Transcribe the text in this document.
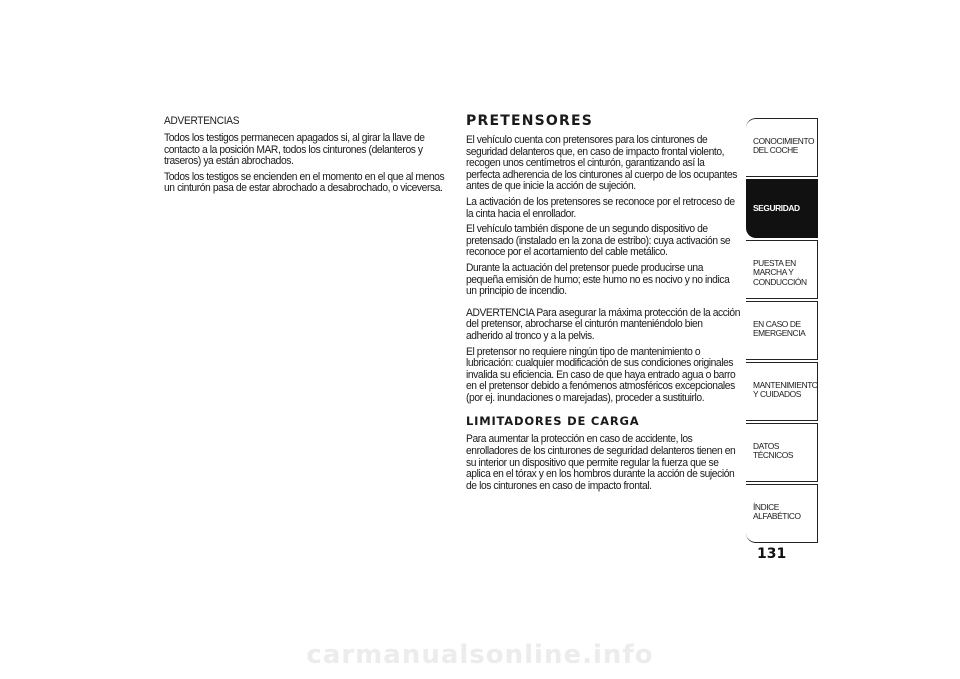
ADVERTENCIAS

Todos los testigos permanecen apagados si, al girar la llave de contacto a la posición MAR, todos los cinturones (delanteros y traseros) ya están abrochados.

Todos los testigos se encienden en el momento en el que al menos un cinturón pasa de estar abrochado a desabrochado, o viceversa.

PRETENSORES

El vehículo cuenta con pretensores para los cinturones de seguridad delanteros que, en caso de impacto frontal violento, recogen unos centímetros el cinturón, garantizando así la perfecta adherencia de los cinturones al cuerpo de los ocupantes antes de que inicie la acción de sujeción.

La activación de los pretensores se reconoce por el retroceso de la cinta hacia el enrollador.

El vehículo también dispone de un segundo dispositivo de pretensado (instalado en la zona de estribo): cuya activación se reconoce por el acortamiento del cable metálico.

Durante la actuación del pretensor puede producirse una pequeña emisión de humo; este humo no es nocivo y no indica un principio de incendio.

ADVERTENCIA Para asegurar la máxima protección de la acción del pretensor, abrocharse el cinturón manteniéndolo bien adherido al tronco y a la pelvis.

El pretensor no requiere ningún tipo de mantenimiento o lubricación: cualquier modificación de sus condiciones originales invalida su eficiencia. En caso de que haya entrado agua o barro en el pretensor debido a fenómenos atmosféricos excepcionales (por ej. inundaciones o marejadas), proceder a sustituirlo.

LIMITADORES DE CARGA

Para aumentar la protección en caso de accidente, los enrolladores de los cinturones de seguridad delanteros tienen en su interior un dispositivo que permite regular la fuerza que se aplica en el tórax y en los hombros durante la acción de sujeción de los cinturones en caso de impacto frontal.

CONOCIMIENTO DEL COCHE
SEGURIDAD
PUESTA EN MARCHA Y CONDUCCIÓN
EN CASO DE EMERGENCIA
MANTENIMIENTO Y CUIDADOS
DATOS TÉCNICOS
ÍNDICE ALFABÉTICO
131
carmanualsonline.info
